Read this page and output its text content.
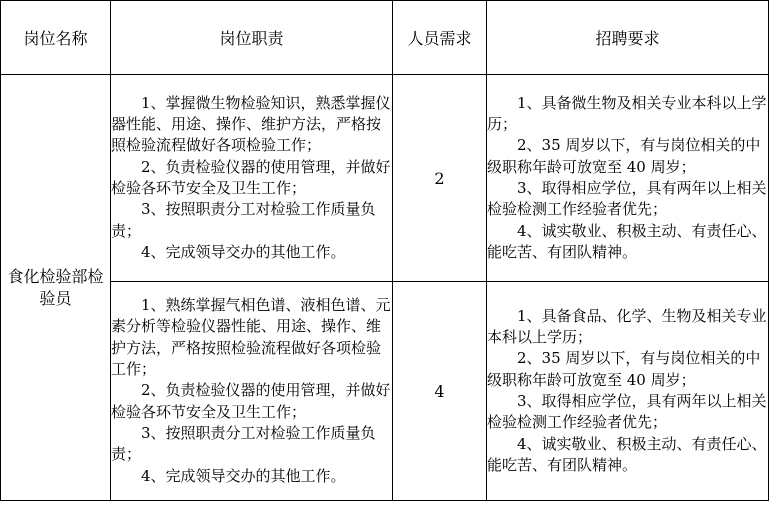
岗位名称	岗位职责	人员需求	招聘要求
食化检验部检验员	1、掌握微生物检验知识，熟悉掌握仪器性能、用途、操作、维护方法，严格按照检验流程做好各项检验工作；
2、负责检验仪器的使用管理，并做好检验各环节安全及卫生工作；
3、按照职责分工对检验工作质量负责；
4、完成领导交办的其他工作。	2	1、具备微生物及相关专业本科以上学历；
2、35 周岁以下，有与岗位相关的中级职称年龄可放宽至 40 周岁；
3、取得相应学位，具有两年以上相关检验检测工作经验者优先；
4、诚实敬业、积极主动、有责任心、能吃苦、有团队精神。

	1、熟练掌握气相色谱、液相色谱、元素分析等检验仪器性能、用途、操作、维护方法，严格按照检验流程做好各项检验工作；
2、负责检验仪器的使用管理，并做好检验各环节安全及卫生工作；
3、按照职责分工对检验工作质量负责；
4、完成领导交办的其他工作。	4	1、具备食品、化学、生物及相关专业本科以上学历；
2、35 周岁以下，有与岗位相关的中级职称年龄可放宽至 40 周岁；
3、取得相应学位，具有两年以上相关检验检测工作经验者优先；
4、诚实敬业、积极主动、有责任心、能吃苦、有团队精神。
